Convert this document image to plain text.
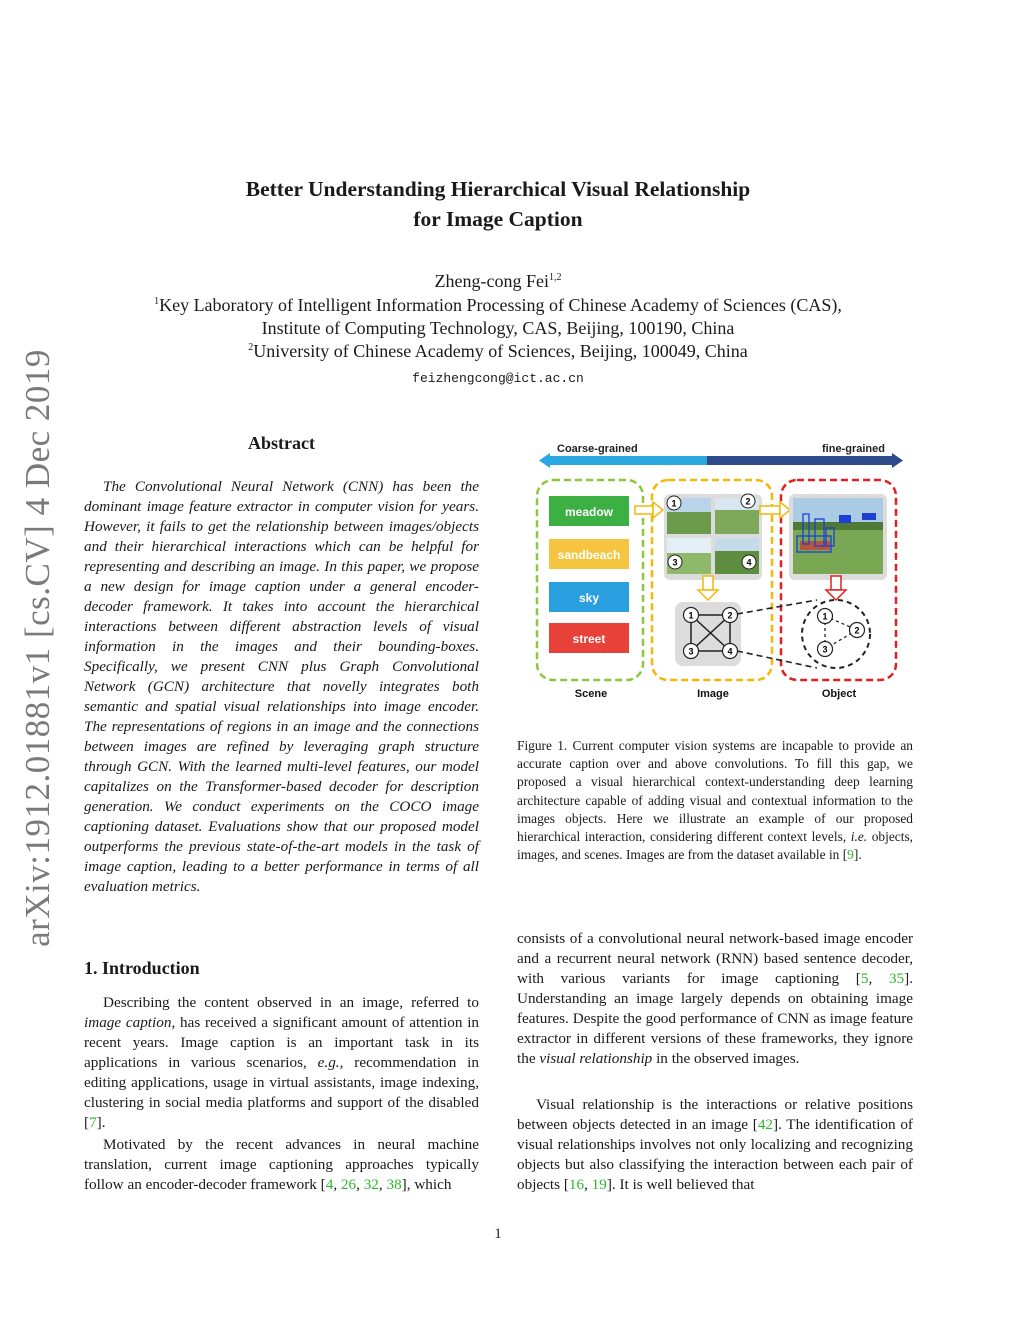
arXiv:1912.01881v1 [cs.CV] 4 Dec 2019
Better Understanding Hierarchical Visual Relationship
for Image Caption
Zheng-cong Fei$^{1,2}$
$^1$Key Laboratory of Intelligent Information Processing of Chinese Academy of Sciences (CAS),
Institute of Computing Technology, CAS, Beijing, 100190, China
$^2$University of Chinese Academy of Sciences, Beijing, 100049, China
feizhengcong@ict.ac.cn
Abstract
The Convolutional Neural Network (CNN) has been the dominant image feature extractor in computer vision for years. However, it fails to get the relationship between images/objects and their hierarchical interactions which can be helpful for representing and describing an image. In this paper, we propose a new design for image caption under a general encoder-decoder framework. It takes into account the hierarchical interactions between different abstraction levels of visual information in the images and their bounding-boxes. Specifically, we present CNN plus Graph Convolutional Network (GCN) architecture that novelly integrates both semantic and spatial visual relationships into image encoder. The representations of regions in an image and the connections between images are refined by leveraging graph structure through GCN. With the learned multi-level features, our model capitalizes on the Transformer-based decoder for description generation. We conduct experiments on the COCO image captioning dataset. Evaluations show that our proposed model outperforms the previous state-of-the-art models in the task of image caption, leading to a better performance in terms of all evaluation metrics.
1. Introduction
Describing the content observed in an image, referred to image caption, has received a significant amount of attention in recent years. Image caption is an important task in its applications in various scenarios, e.g., recommendation in editing applications, usage in virtual assistants, image indexing, clustering in social media platforms and support of the disabled [7].
Motivated by the recent advances in neural machine translation, current image captioning approaches typically follow an encoder-decoder framework [4, 26, 32, 38], which
Coarse-grained	fine-grained
meadow
sandbeach
sky
street
1	2
3	4
1	2
3	4
1
2
3
Scene	Image	Object
Figure 1. Current computer vision systems are incapable to provide an accurate caption over and above convolutions. To fill this gap, we proposed a visual hierarchical context-understanding deep learning architecture capable of adding visual and contextual information to the images objects. Here we illustrate an example of our proposed hierarchical interaction, considering different context levels, i.e. objects, images, and scenes. Images are from the dataset available in [9].
consists of a convolutional neural network-based image encoder and a recurrent neural network (RNN) based sentence decoder, with various variants for image captioning [5, 35]. Understanding an image largely depends on obtaining image features. Despite the good performance of CNN as image feature extractor in different versions of these frameworks, they ignore the visual relationship in the observed images.
Visual relationship is the interactions or relative positions between objects detected in an image [42]. The identification of visual relationships involves not only localizing and recognizing objects but also classifying the interaction between each pair of objects [16, 19]. It is well believed that
1
